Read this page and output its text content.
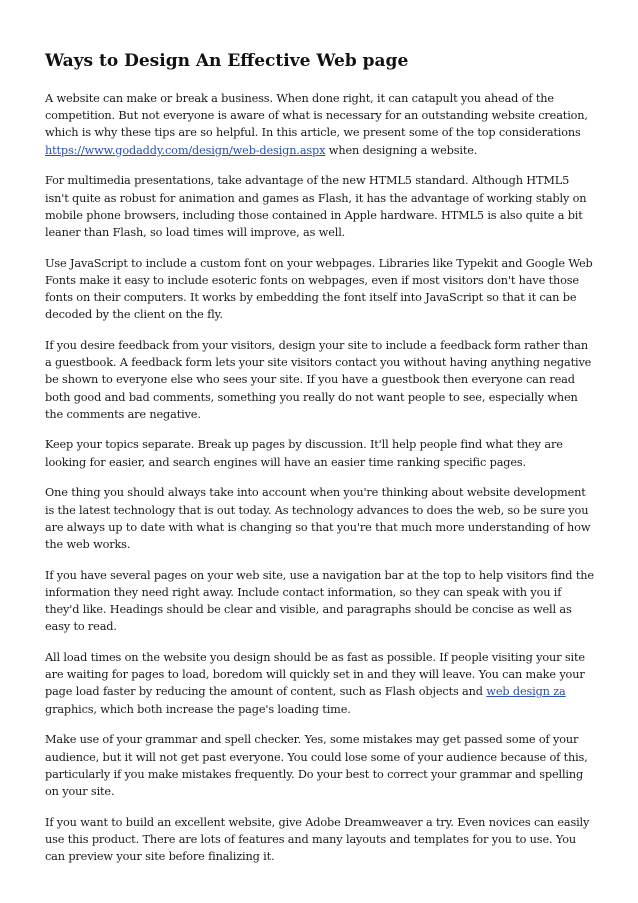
Ways to Design An Effective Web page

A website can make or break a business. When done right, it can catapult you ahead of the competition. But not everyone is aware of what is necessary for an outstanding website creation, which is why these tips are so helpful. In this article, we present some of the top considerations https://www.godaddy.com/design/web-design.aspx when designing a website.

For multimedia presentations, take advantage of the new HTML5 standard. Although HTML5 isn't quite as robust for animation and games as Flash, it has the advantage of working stably on mobile phone browsers, including those contained in Apple hardware. HTML5 is also quite a bit leaner than Flash, so load times will improve, as well.

Use JavaScript to include a custom font on your webpages. Libraries like Typekit and Google Web Fonts make it easy to include esoteric fonts on webpages, even if most visitors don't have those fonts on their computers. It works by embedding the font itself into JavaScript so that it can be decoded by the client on the fly.

If you desire feedback from your visitors, design your site to include a feedback form rather than a guestbook. A feedback form lets your site visitors contact you without having anything negative be shown to everyone else who sees your site. If you have a guestbook then everyone can read both good and bad comments, something you really do not want people to see, especially when the comments are negative.

Keep your topics separate. Break up pages by discussion. It'll help people find what they are looking for easier, and search engines will have an easier time ranking specific pages.

One thing you should always take into account when you're thinking about website development is the latest technology that is out today. As technology advances to does the web, so be sure you are always up to date with what is changing so that you're that much more understanding of how the web works.

If you have several pages on your web site, use a navigation bar at the top to help visitors find the information they need right away. Include contact information, so they can speak with you if they'd like. Headings should be clear and visible, and paragraphs should be concise as well as easy to read.

All load times on the website you design should be as fast as possible. If people visiting your site are waiting for pages to load, boredom will quickly set in and they will leave. You can make your page load faster by reducing the amount of content, such as Flash objects and web design za graphics, which both increase the page's loading time.

Make use of your grammar and spell checker. Yes, some mistakes may get passed some of your audience, but it will not get past everyone. You could lose some of your audience because of this, particularly if you make mistakes frequently. Do your best to correct your grammar and spelling on your site.

If you want to build an excellent website, give Adobe Dreamweaver a try. Even novices can easily use this product. There are lots of features and many layouts and templates for you to use. You can preview your site before finalizing it.
